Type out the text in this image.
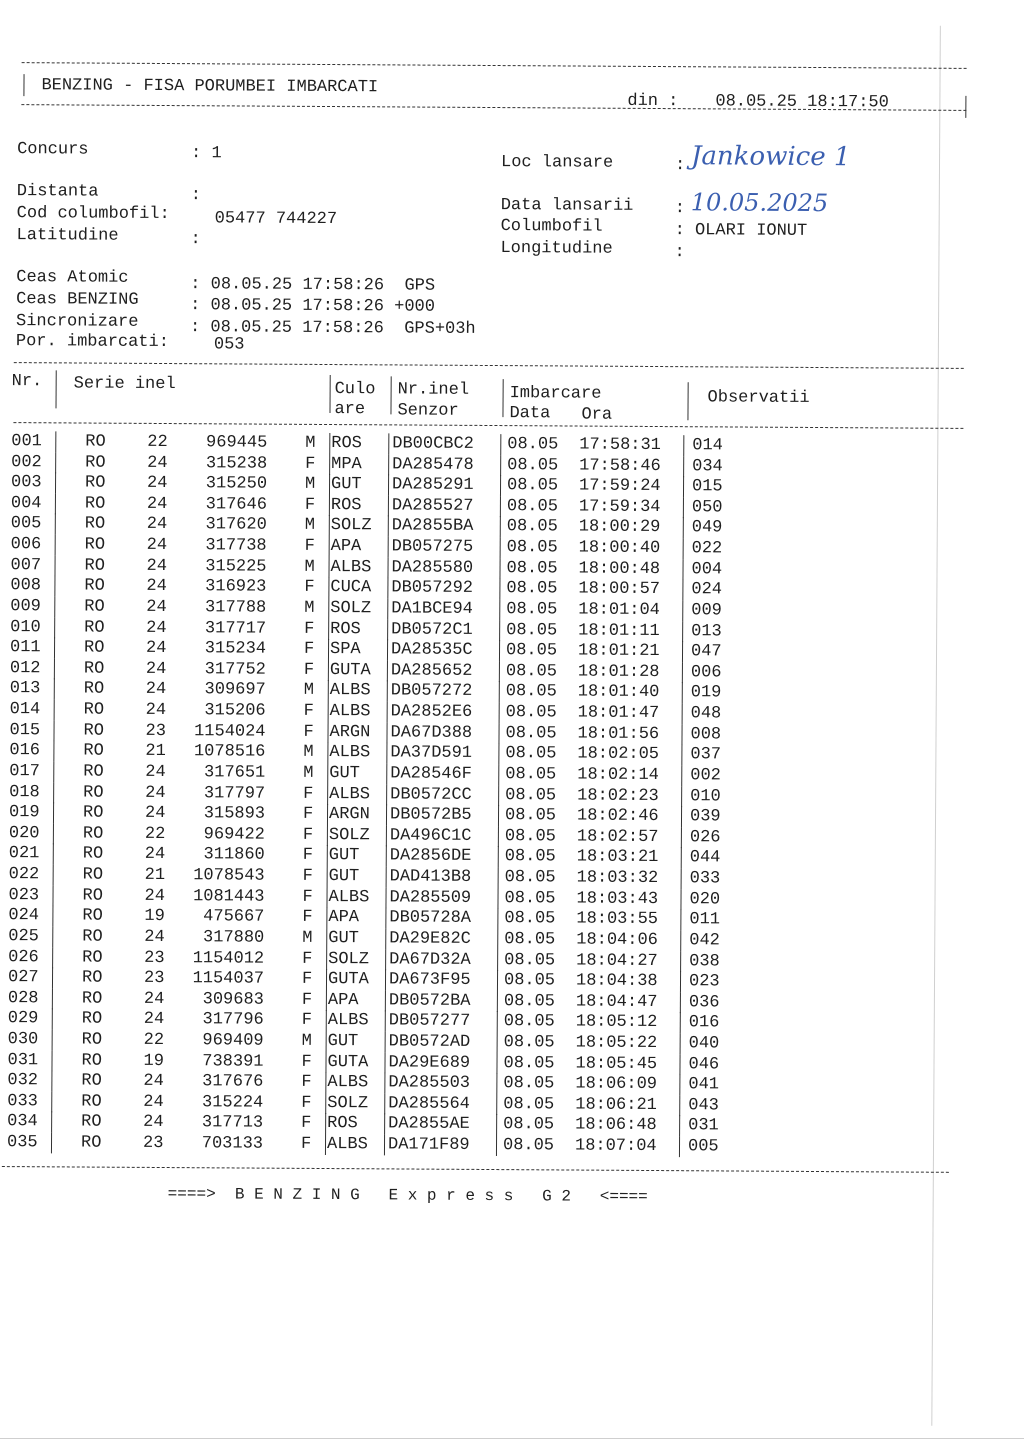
BENZING - FISA PORUMBEI IMBARCATI
din : 08.05.25 18:17:50
Concurs	: 1	Loc lansare	: Jankowice 1
Distanta	:
Data lansarii : 10.05.2025
Cod columbofil:	05477 744227	Columbofil	: OLARI IONUT
Latitudine	:	Longitudine	:
Ceas Atomic	: 08.05.25 17:58:26  GPS
Ceas BENZING	: 08.05.25 17:58:26 +000
Sincronizare	: 08.05.25 17:58:26  GPS+03h
Por. imbarcati:	053
Nr. Serie inel	Culo
are
Nr.inel
Senzor
Imbarcare
Data Ora
Observatii
001	RO 22	969445 M ROS DB00CBC2 08.05 17:58:31 014
002	RO 24	315238 F MPA DA285478 08.05 17:58:46 034
003	RO 24	315250 M GUT DA285291 08.05 17:59:24 015
004	RO 24	317646 F ROS DA285527 08.05 17:59:34 050
005	RO 24	317620 M SOLZ DA2855BA 08.05 18:00:29 049
006	RO 24	317738 F APA DB057275 08.05 18:00:40 022
007	RO 24	315225 M ALBS DA285580 08.05 18:00:48 004
008	RO 24	316923 F CUCA DB057292 08.05 18:00:57 024
009	RO 24	317788 M SOLZ DA1BCE94 08.05 18:01:04 009
010	RO 24	317717 F ROS DB0572C1 08.05 18:01:11 013
011	RO 24	315234 F SPA DA28535C 08.05 18:01:21 047
012	RO 24	317752 F GUTA DA285652 08.05 18:01:28 006
013	RO 24	309697 M ALBS DB057272 08.05 18:01:40 019
014	RO 24	315206 F ALBS DA2852E6 08.05 18:01:47 048
015	RO 23	1154024 F ARGN DA67D388 08.05 18:01:56 008
016	RO 21	1078516 M ALBS DA37D591 08.05 18:02:05 037
017	RO 24	317651 M GUT DA28546F 08.05 18:02:14 002
018	RO 24	317797 F ALBS DB0572CC 08.05 18:02:23 010
019	RO 24	315893 F ARGN DB0572B5 08.05 18:02:46 039
020	RO 22	969422 F SOLZ DA496C1C 08.05 18:02:57 026
021	RO 24	311860 F GUT DA2856DE 08.05 18:03:21 044
022	RO 21	1078543 F GUT DAD413B8 08.05 18:03:32 033
023	RO 24	1081443 F ALBS DA285509 08.05 18:03:43 020
024	RO 19	475667 F APA DB05728A 08.05 18:03:55 011
025	RO 24	317880 M GUT DA29E82C 08.05 18:04:06 042
026	RO 23	1154012 F SOLZ DA67D32A 08.05 18:04:27 038
027	RO 23	1154037 F GUTA DA673F95 08.05 18:04:38 023
028	RO 24	309683 F APA DB0572BA 08.05 18:04:47 036
029	RO 24	317796 F ALBS DB057277 08.05 18:05:12 016
030	RO 22	969409 M GUT DB0572AD 08.05 18:05:22 040
031	RO 19	738391 F GUTA DA29E689 08.05 18:05:45 046
032	RO 24	317676 F ALBS DA285503 08.05 18:06:09 041
033	RO 24	315224 F SOLZ DA285564 08.05 18:06:21 043
034	RO 24	317713 F ROS DA2855AE 08.05 18:06:48 031
035	RO 23	703133 F ALBS DA171F89 08.05 18:07:04 005
====>  B E N Z I N G   E x p r e s s   G 2   <====
